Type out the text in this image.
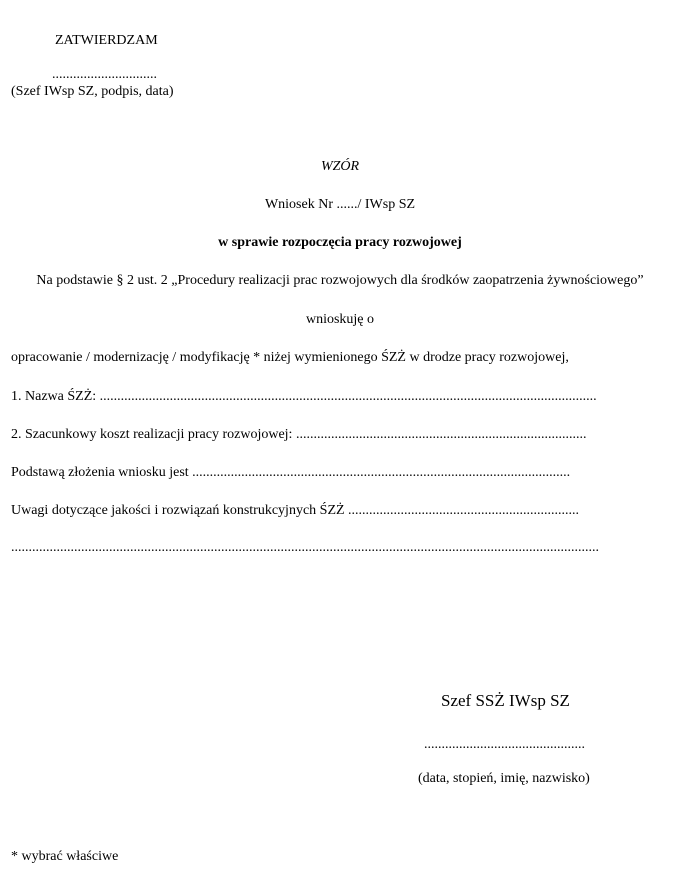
ZATWIERDZAM
..............................
(Szef IWsp SZ, podpis, data)
WZÓR
Wniosek Nr ....../ IWsp SZ
w sprawie rozpoczęcia pracy rozwojowej
Na podstawie § 2 ust. 2 „Procedury realizacji prac rozwojowych dla środków zaopatrzenia żywnościowego”
wnioskuję o
opracowanie / modernizację / modyfikację * niżej wymienionego ŚZŻ w drodze pracy rozwojowej,
1. Nazwa ŚZŻ: ..............................................................................................................................................
2. Szacunkowy koszt realizacji pracy rozwojowej: ...................................................................................
Podstawą złożenia wniosku jest ............................................................................................................
Uwagi dotyczące jakości i rozwiązań konstrukcyjnych ŚZŻ ..................................................................
........................................................................................................................................................................
Szef SSŻ IWsp SZ
..............................................
(data, stopień, imię, nazwisko)
* wybrać właściwe
